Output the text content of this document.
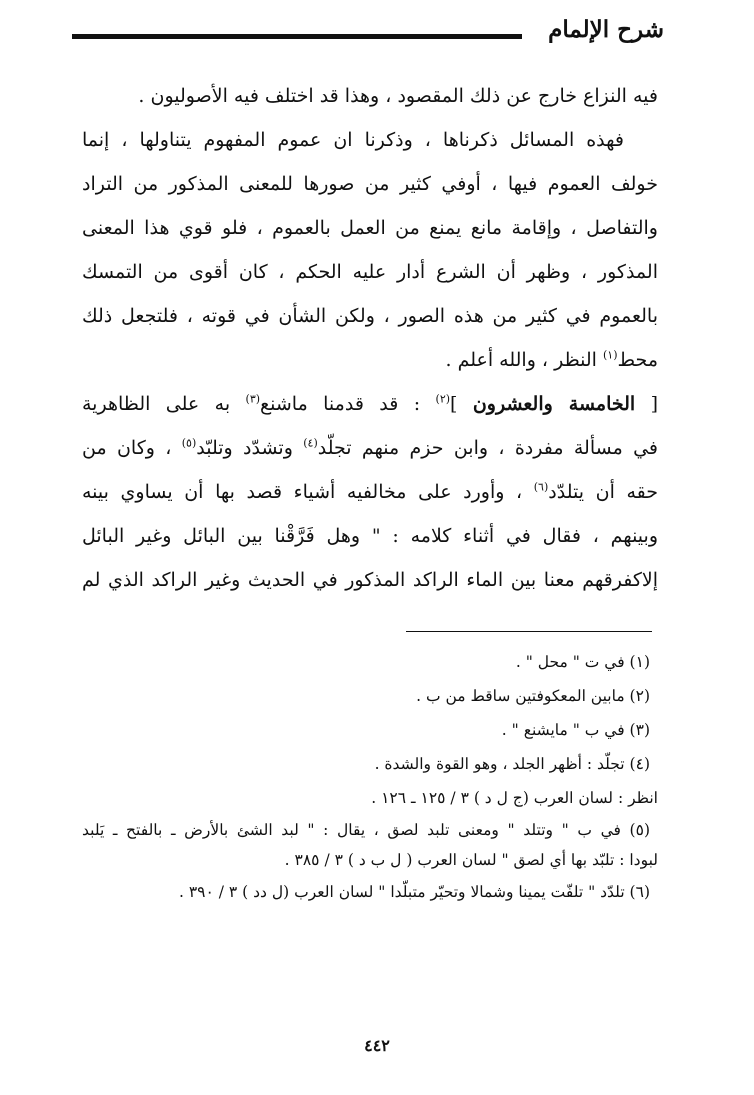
شرح الإلمام
فيه النزاع خارج عن ذلك المقصود ، وهذا قد اختلف فيه الأصوليون .
فهذه المسائل ذكرناها ، وذكرنا ان عموم المفهوم يتناولها ، إنما
خولف العموم فيها ، أوفي كثير من صورها للمعنى المذكور من التراد
والتفاصل ، وإقامة مانع يمنع من العمل بالعموم ، فلو قوي هذا المعنى
المذكور ، وظهر أن الشرع أدار عليه الحكم ، كان أقوى من التمسك
بالعموم في كثير من هذه الصور ، ولكن الشأن في قوته ، فلتجعل ذلك
محط$^{(١)}$ النظر ، والله أعلم .
[ الخامسة والعشرون ]$^{(٢)}$ : قد قدمنا ماشنع$^{(٣)}$ به على الظاهرية
في مسألة مفردة ، وابن حزم منهم تجلّد$^{(٤)}$ وتشدّد وتلبّد$^{(٥)}$ ، وكان من
حقه أن يتلدّد$^{(٦)}$ ، وأورد على مخالفيه أشياء قصد بها أن يساوي بينه
وبينهم ، فقال في أثناء كلامه : " وهل فَرَّقْنا بين البائل وغير البائل
إلاكفرقهم معنا بين الماء الراكد المذكور في الحديث وغير الراكد الذي لم
(١) في ت " محل " .
(٢) مابين المعكوفتين ساقط من ب .
(٣) في ب " مايشنع " .
(٤) تجلّد : أظهر الجلد ، وهو القوة والشدة .
انظر : لسان العرب (ج ل د ) ٣ / ١٢٥ ـ ١٢٦ .
(٥) في ب " وتتلد " ومعنى تلبد لصق ، يقال : " لبد الشئ بالأرض ـ بالفتح ـ يَلبد
لبودا : تلبّد بها أي لصق " لسان العرب ( ل ب د ) ٣ / ٣٨٥ .
(٦) تلدّد " تلفّت يمينا وشمالا وتحيّر متبلّدا " لسان العرب (ل دد ) ٣ / ٣٩٠ .
٤٤٢
